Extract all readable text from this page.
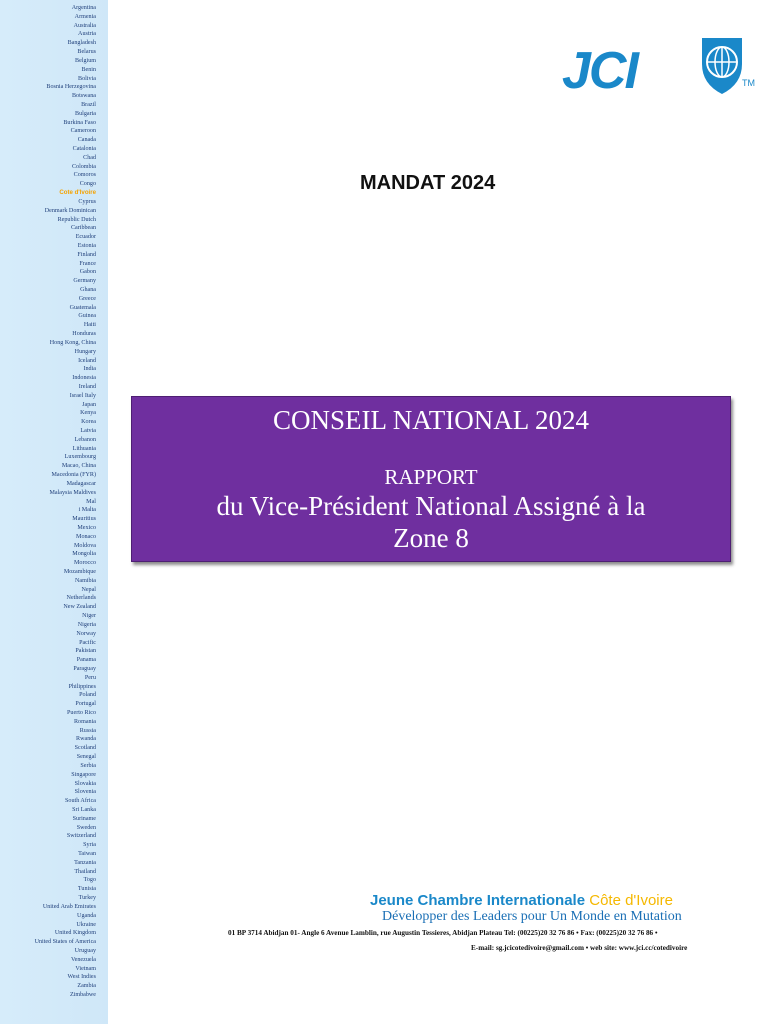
Argentina
Armenia
Australia
Austria
Bangladesh
Belarus
Belgium
Benin
Bolivia
Bosnia Herzegovina
Botswana
Brazil
Bulgaria
Burkina Faso
Cameroon
Canada
Catalonia
Chad
Colombia
Comoros
Congo
Cote d'Ivoire
Cyprus
Denmark Dominican
Republic Dutch
Caribbean
Ecuador
Estonia
Finland
France
Gabon
Germany
Ghana
Greece
Guatemala
Guinea
Haiti
Honduras
Hong Kong, China
Hungary
Iceland
India
Indonesia
Ireland
Israel Italy
Japan
Kenya
Korea
Latvia
Lebanon
Lithuania
Luxembourg
Macao, China
Macedonia (FYR)
Madagascar
Malaysia Maldives
Mal
i Malta
Mauritius
Mexico
Monaco
Moldova
Mongolia
Morocco
Mozambique
Namibia
Nepal
Netherlands
New Zealand
Niger
Nigeria
Norway
Pacific
Pakistan
Panama
Paraguay
Peru
Philippines
Poland
Portugal
Puerto Rico
Romania
Russia
Rwanda
Scotland
Senegal
Serbia
Singapore
Slovakia
Slovenia
South Africa
Sri Lanka
Suriname
Sweden
Switzerland
Syria
Taiwan
Tanzania
Thailand
Togo
Tunisia
Turkey
United Arab Emirates
Uganda
Ukraine
United Kingdom
United States of America
Uruguay
Venezuela
Vietnam
West Indies
Zambia
Zimbabwe
JCI	TM
MANDAT 2024
CONSEIL NATIONAL 2024
RAPPORT
du Vice-Président National Assigné à la
Zone 8
Jeune Chambre Internationale Côte d'Ivoire
Développer des Leaders pour Un Monde en Mutation
01 BP 3714 Abidjan 01- Angle 6 Avenue Lamblin, rue Augustin Tessieres, Abidjan Plateau Tel: (00225)20 32 76 86 • Fax: (00225)20 32 76 86 •
E-mail: sg.jcicotedivoire@gmail.com • web site: www.jci.cc/cotedivoire
